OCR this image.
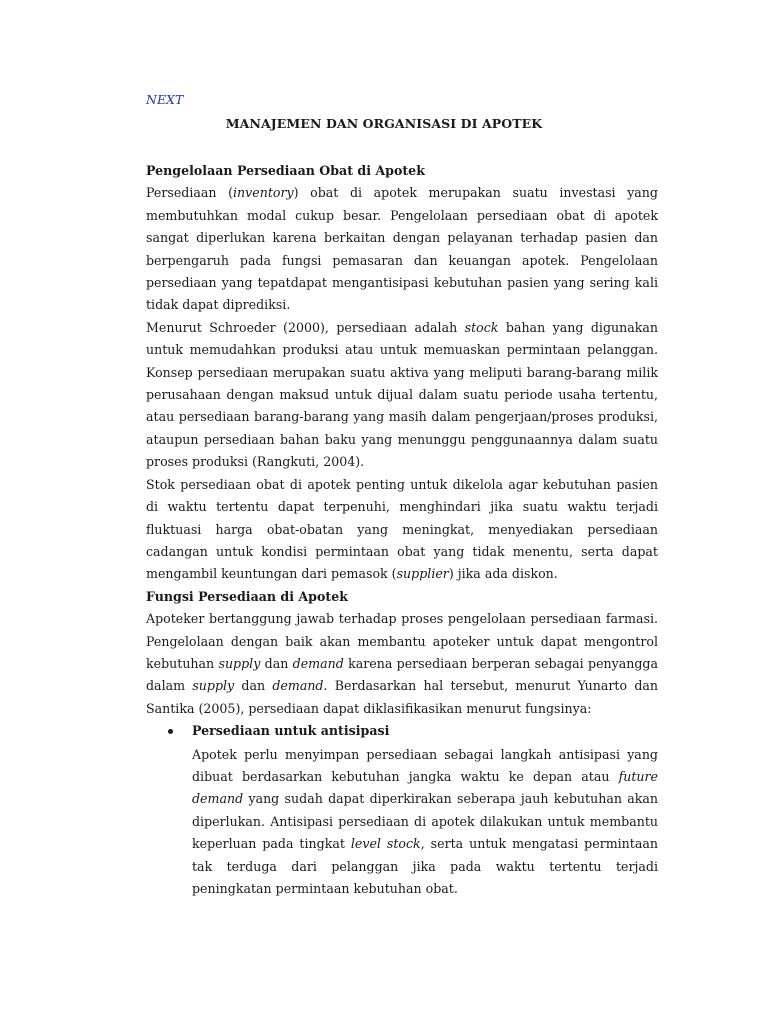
NEXT
MANAJEMEN DAN ORGANISASI DI APOTEK
Pengelolaan Persediaan Obat di Apotek

Persediaan (inventory) obat di apotek merupakan suatu investasi yang membutuhkan modal cukup besar. Pengelolaan persediaan obat di apotek sangat diperlukan karena berkaitan dengan pelayanan terhadap pasien dan berpengaruh pada fungsi pemasaran dan keuangan apotek. Pengelolaan persediaan yang tepatdapat mengantisipasi kebutuhan pasien yang sering kali tidak dapat diprediksi.

Menurut Schroeder (2000), persediaan adalah stock bahan yang digunakan untuk memudahkan produksi atau untuk memuaskan permintaan pelanggan. Konsep persediaan merupakan suatu aktiva yang meliputi barang-barang milik perusahaan dengan maksud untuk dijual dalam suatu periode usaha tertentu, atau persediaan barang-barang yang masih dalam pengerjaan/proses produksi, ataupun persediaan bahan baku yang menunggu penggunaannya dalam suatu proses produksi (Rangkuti, 2004).

Stok persediaan obat di apotek penting untuk dikelola agar kebutuhan pasien di waktu tertentu dapat terpenuhi, menghindari jika suatu waktu terjadi fluktuasi harga obat-obatan yang meningkat, menyediakan persediaan cadangan untuk kondisi permintaan obat yang tidak menentu, serta dapat mengambil keuntungan dari pemasok (supplier) jika ada diskon.

Fungsi Persediaan di Apotek

Apoteker bertanggung jawab terhadap proses pengelolaan persediaan farmasi. Pengelolaan dengan baik akan membantu apoteker untuk dapat mengontrol kebutuhan supply dan demand karena persediaan berperan sebagai penyangga dalam supply dan demand. Berdasarkan hal tersebut, menurut Yunarto dan Santika (2005), persediaan dapat diklasifikasikan menurut fungsinya:

Persediaan untuk antisipasi

Apotek perlu menyimpan persediaan sebagai langkah antisipasi yang dibuat berdasarkan kebutuhan jangka waktu ke depan atau future demand yang sudah dapat diperkirakan seberapa jauh kebutuhan akan diperlukan. Antisipasi persediaan di apotek dilakukan untuk membantu keperluan pada tingkat level stock, serta untuk mengatasi permintaan tak terduga dari pelanggan jika pada waktu tertentu terjadi peningkatan permintaan kebutuhan obat.
